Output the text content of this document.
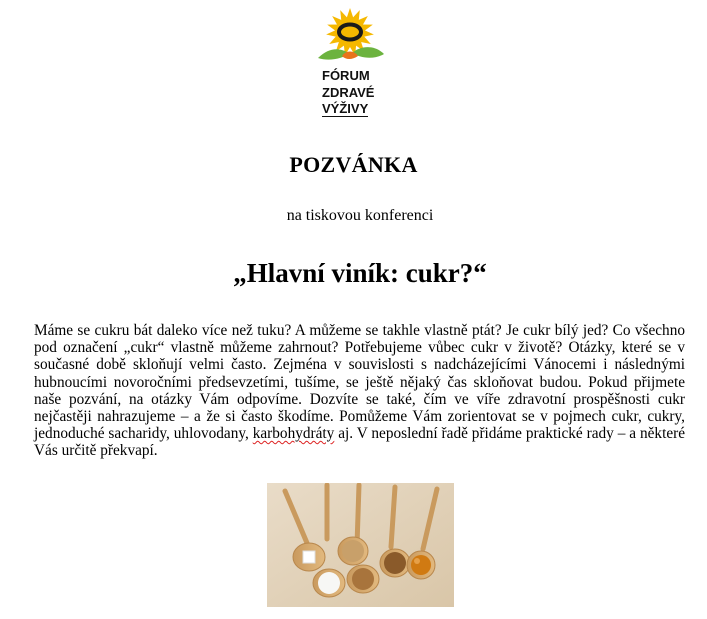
FÓRUM
ZDRAVÉ
VÝŽIVY
POZVÁNKA
na tiskovou konferenci
„Hlavní viník: cukr?“
Máme se cukru bát daleko více než tuku? A můžeme se takhle vlastně ptát? Je cukr bílý jed? Co všechno pod označení „cukr“ vlastně můžeme zahrnout? Potřebujeme vůbec cukr v životě? Otázky, které se v současné době skloňují velmi často. Zejména v souvislosti s nadcházejícími Vánocemi i následnými hubnoucími novoročními předsevzetími, tušíme, se ještě nějaký čas skloňovat budou. Pokud přijmete naše pozvání, na otázky Vám odpovíme. Dozvíte se také, čím ve víře zdravotní prospěšnosti cukr nejčastěji nahrazujeme – a že si často škodíme. Pomůžeme Vám zorientovat se v pojmech cukr, cukry, jednoduché sacharidy, uhlovodany, karbohydráty aj. V neposlední řadě přidáme praktické rady – a některé Vás určitě překvapí.
